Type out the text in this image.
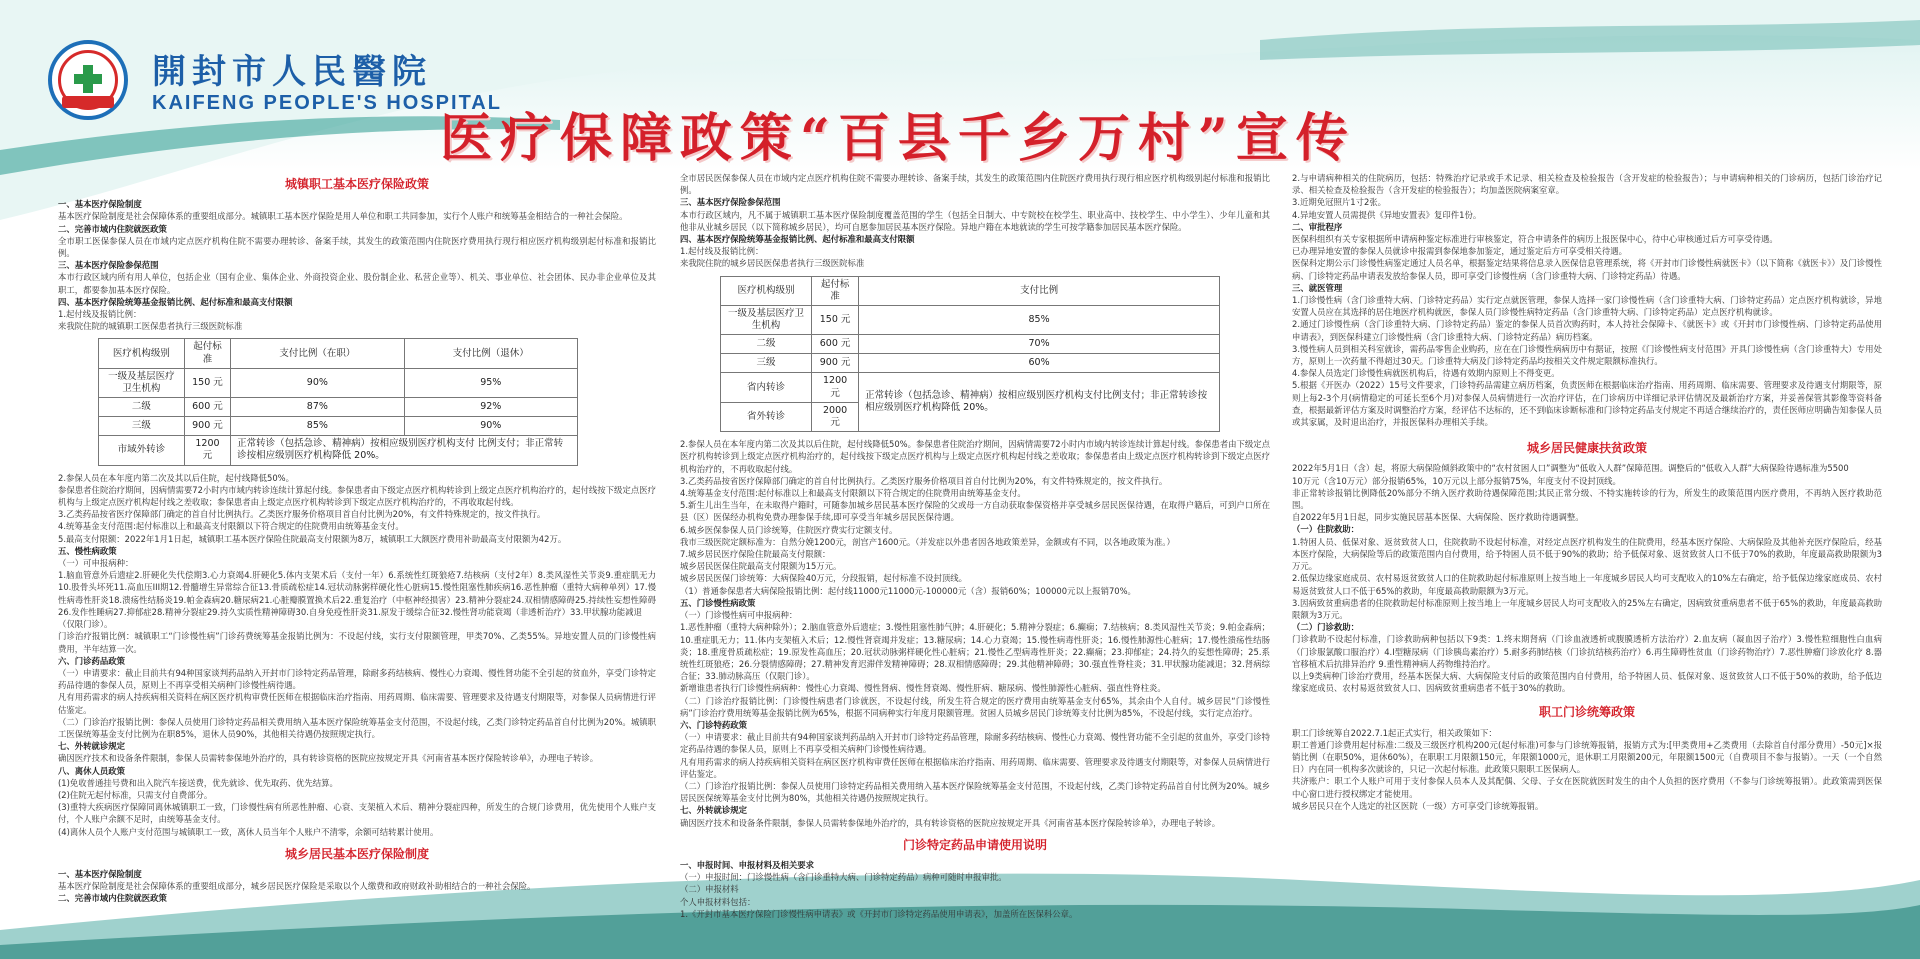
開封市人民醫院
KAIFENG PEOPLE'S HOSPITAL
医疗保障政策“百县千乡万村”宣传
城镇职工基本医疗保险政策

一、基本医疗保险制度

基本医疗保险制度是社会保障体系的重要组成部分。城镇职工基本医疗保险是用人单位和职工共同参加，实行个人账户和统筹基金相结合的一种社会保险。

二、完善市域内住院就医政策

全市职工医保参保人员在市域内定点医疗机构住院不需要办理转诊、备案手续，其发生的政策范围内住院医疗费用执行现行相应医疗机构级别起付标准和报销比例。

三、基本医疗保险参保范围

本市行政区域内所有用人单位，包括企业（国有企业、集体企业、外商投资企业、股份制企业、私营企业等）、机关、事业单位、社会团体、民办非企业单位及其职工，都要参加基本医疗保险。

四、基本医疗保险统筹基金报销比例、起付标准和最高支付限额

1.起付线及报销比例：

来我院住院的城镇职工医保患者执行三级医院标准

医疗机构级别	起付标准	支付比例（在职）	支付比例（退休）
一级及基层医疗卫生机构	150 元	90%	95%
二级	600 元	87%	92%
三级	900 元	85%	90%
市域外转诊	1200 元	正常转诊（包括急诊、精神病）按相应级别医疗机构支付 比例支付；非正常转诊按相应级别医疗机构降低 20%。	

2.参保人员在本年度内第二次及其以后住院，起付线降低50%。

参保患者住院治疗期间，因病情需要72小时内市域内转诊连续计算起付线。参保患者由下级定点医疗机构转诊到上级定点医疗机构治疗的，起付线按下级定点医疗机构与上级定点医疗机构起付线之差收取；参保患者由上级定点医疗机构转诊到下级定点医疗机构治疗的，不再收取起付线。

3.乙类药品按省医疗保障部门确定的首自付比例执行。乙类医疗服务价格项目首自付比例为20%，有文件特殊规定的，按文件执行。

4.统筹基金支付范围:起付标准以上和最高支付限额以下符合规定的住院费用由统筹基金支付。

5.最高支付限额：2022年1月1日起，城镇职工基本医疗保险住院最高支付限额为8万，城镇职工大额医疗费用补助最高支付限额为42万。

五、慢性病政策

（一）可申报病种：

1.脑血管意外后遗症2.肝硬化失代偿期3.心力衰竭4.肝硬化5.体内支架术后（支付一年）6.系统性红斑狼疮7.结核病（支付2年）8.类风湿性关节炎9.重症肌无力10.股骨头坏死11.高血压III期12.骨髓增生异常综合征13.骨质疏松症14.冠状动脉粥样硬化性心脏病15.慢性阻塞性肺疾病16.恶性肿瘤（重特大病种单列）17.慢性病毒性肝炎18.溃疡性结肠炎19.帕金森病20.糖尿病21.心脏瓣膜置换术后22.重复治疗（中枢神经损害）23.精神分裂症24.双相情感障碍25.持续性妄想性障碍26.发作性睡病27.抑郁症28.精神分裂症29.持久实质性精神障碍30.自身免疫性肝炎31.原发于缓综合征32.慢性肾功能衰竭（非透析治疗）33.甲状腺功能减退

（仅限门诊）。

门诊治疗报销比例：城镇职工“门诊慢性病”门诊药费统筹基金报销比例为：不设起付线，实行支付限额管理，甲类70%、乙类55%。异地安置人员的门诊慢性病费用，半年结算一次。

六、门诊药品政策

（一）申请要求：截止目前共有94种国家谈判药品纳入开封市门诊特定药品管理，除耐多药结核病、慢性心力衰竭、慢性肾功能不全引起的贫血外，享受门诊特定药品待遇的参保人员，原则上不再享受相关病种门诊慢性病待遇。

凡有用药需求的病人持疾病相关资料在病区医疗机构审费任医师在根据临床治疗指南、用药周期、临床需要、管理要求及待遇支付期限等，对参保人员病情进行评估鉴定。

（二）门诊治疗报销比例：参保人员使用门诊特定药品相关费用纳入基本医疗保险统筹基金支付范围，不设起付线，乙类门诊特定药品首自付比例为20%。城镇职工医保统筹基金支付比例为在职85%，退休人员90%，其他相关待遇仍按照规定执行。

七、外转就诊规定

确因医疗技术和设备条件限制，参保人员需转参保地外治疗的，具有转诊资格的医院应按规定开具《河南省基本医疗保险转诊单》，办理电子转诊。

八、离休人员政策

(1)免收普通挂号费和出入院汽车接送费，优先就诊、优先取药、优先结算。

(2)住院无起付标准，只需支付自费部分。

(3)重特大疾病医疗保障同离休城镇职工一致，门诊慢性病有所恶性肿瘤、心衰、支架植入术后、精神分裂症四种，所发生的合规门诊费用，优先使用个人账户支付，个人账户余额不足时，由统筹基金支付。

(4)离休人员个人账户支付范围与城镇职工一致，离休人员当年个人账户不清零，余额可结转累计使用。

城乡居民基本医疗保险制度

一、基本医疗保险制度

基本医疗保险制度是社会保障体系的重要组成部分，城乡居民医疗保险是采取以个人缴费和政府财政补助相结合的一种社会保险。

二、完善市域内住院就医政策

全市居民医保参保人员在市域内定点医疗机构住院不需要办理转诊、备案手续，其发生的政策范围内住院医疗费用执行现行相应医疗机构级别起付标准和报销比例。

三、基本医疗保险参保范围

本市行政区域内，凡不属于城镇职工基本医疗保险制度覆盖范围的学生（包括全日制大、中专院校在校学生、职业高中、技校学生、中小学生）、少年儿童和其他非从业城乡居民（以下简称城乡居民），均可自愿参加居民基本医疗保险。异地户籍在本地就读的学生可按学籍参加居民基本医疗保险。

四、基本医疗保险统筹基金报销比例、起付标准和最高支付限额

1.起付线及报销比例：

来我院住院的城乡居民医保患者执行三级医院标准

医疗机构级别	起付标准	支付比例
一级及基层医疗卫生机构	150 元	85%
二级	600 元	70%
三级	900 元	60%
省内转诊	1200 元	正常转诊（包括急诊、精神病）按相应级别医疗机构支付比例支付；非正常转诊按相应级别医疗机构降低 20%。
省外转诊	2000 元	

2.参保人员在本年度内第二次及其以后住院，起付线降低50%。参保患者住院治疗期间，因病情需要72小时内市域内转诊连续计算起付线。参保患者由下级定点医疗机构转诊到上级定点医疗机构治疗的，起付线按下级定点医疗机构与上级定点医疗机构起付线之差收取；参保患者由上级定点医疗机构转诊到下级定点医疗机构治疗的，不再收取起付线。

3.乙类药品按省医疗保障部门确定的首自付比例执行。乙类医疗服务价格项目首自付比例为20%，有文件特殊规定的，按文件执行。

4.统筹基金支付范围:起付标准以上和最高支付限额以下符合规定的住院费用由统筹基金支付。

5.新生儿出生当年，在未取得户籍时，可随参加城乡居民基本医疗保险的父或母一方自动获取参保资格并享受城乡居民医保待遇，在取得户籍后，可到户口所在县（区）医保经办机构免费办理参保手续,即可享受当年城乡居民医保待遇。

6.城乡医保参保人员门诊统筹，住院医疗费实行定额支付。

我市三级医院定额标准为：自然分娩1200元，剖宫产1600元。（并发症以外患者因各地政策差异，金额或有不同，以各地政策为准。）

7.城乡居民医疗保险住院最高支付限额：

城乡居民医保住院最高支付限额为15万元。

城乡居民医保门诊统筹：大病保险40万元，分段报销，起付标准不设封顶线。

（1）普通参保患者大病保险报销比例：起付线11000元11000元-100000元（含）报销60%；100000元以上报销70%。

五、门诊慢性病政策

（一）门诊慢性病可申报病种：

1.恶性肿瘤（重特大病种除外）；2.脑血管意外后遗症；3.慢性阻塞性肺气肿；4.肝硬化；5.精神分裂症；6.癫痫；7.结核病；8.类风湿性关节炎；9.帕金森病；10.重症肌无力；11.体内支架植入术后；12.慢性肾衰竭并发症；13.糖尿病；14.心力衰竭；15.慢性病毒性肝炎；16.慢性肺源性心脏病；17.慢性溃疡性结肠炎；18.重度骨质疏松症；19.原发性高血压；20.冠状动脉粥样硬化性心脏病；21.慢性乙型病毒性肝炎；22.癫痫；23.抑郁症；24.持久的妄想性障碍；25.系统性红斑狼疮；26.分裂情感障碍；27.精神发育迟滞伴发精神障碍；28.双相情感障碍；29.其他精神障碍；30.强直性脊柱炎；31.甲状腺功能减退；32.肾病综合征；33.肺动脉高压（仅限门诊）。

新增谁患者执行门诊慢性病病种：慢性心力衰竭、慢性肾病、慢性肾衰竭、慢性肝病、糖尿病、慢性肺源性心脏病、强直性脊柱炎。

（二）门诊治疗报销比例：门诊慢性病患者门诊就医，不设起付线，所发生符合规定的医疗费用由统筹基金支付65%，其余由个人自付。城乡居民“门诊慢性病”门诊治疗费用统筹基金报销比例为65%，根据不同病种实行年度月限额管理。贫困人员城乡居民门诊统筹支付比例为85%，不设起付线，实行定点治疗。

六、门诊特药政策

（一）申请要求：截止目前共有94种国家谈判药品纳入开封市门诊特定药品管理，除耐多药结核病、慢性心力衰竭、慢性肾功能不全引起的贫血外，享受门诊特定药品待遇的参保人员，原则上不再享受相关病种门诊慢性病待遇。

凡有用药需求的病人持疾病相关资料在病区医疗机构审费任医师在根据临床治疗指南、用药周期、临床需要、管理要求及待遇支付期限等，对参保人员病情进行评估鉴定。

（二）门诊治疗报销比例：参保人员使用门诊特定药品相关费用纳入基本医疗保险统筹基金支付范围，不设起付线，乙类门诊特定药品首自付比例为20%。城乡居民医保统筹基金支付比例为80%，其他相关待遇仍按照规定执行。

七、外转就诊规定

确因医疗技术和设备条件限制，参保人员需转参保地外治疗的，具有转诊资格的医院应按规定开具《河南省基本医疗保险转诊单》，办理电子转诊。

门诊特定药品申请使用说明

一、申报时间、申报材料及相关要求

（一）申报时间：门诊慢性病（含门诊重特大病、门诊特定药品）病种可随时申报审批。

（二）申报材料

个人申报材料包括：

1.《开封市基本医疗保险门诊慢性病申请表》或《开封市门诊特定药品使用申请表》，加盖所在医保科公章。

2.与申请病种相关的住院病历，包括：特殊治疗记录或手术记录、相关检查及检验报告（含开发症的检验报告）；与申请病种相关的门诊病历，包括门诊治疗记录、相关检查及检验报告（含开发症的检验报告）；均加盖医院病案室章。

3.近期免冠照片1寸2张。

4.异地安置人员需提供《异地安置表》复印件1份。

二、审批程序

医保科组织有关专家根据所申请病种鉴定标准进行审核鉴定，符合申请条件的病历上报医保中心，待中心审核通过后方可享受待遇。

已办理异地安置的参保人员就诊申报需到参保地参加鉴定，通过鉴定后方可享受相关待遇。

医保科定期公示门诊慢性病鉴定通过人员名单，根据鉴定结果将信息录入医保信息管理系统，将《开封市门诊慢性病就医卡》（以下简称《就医卡》）及门诊慢性病、门诊特定药品申请表发放给参保人员，即可享受门诊慢性病（含门诊重特大病、门诊特定药品）待遇。

三、就医管理

1.门诊慢性病（含门诊重特大病、门诊特定药品）实行定点就医管理，参保人选择一家门诊慢性病（含门诊重特大病、门诊特定药品）定点医疗机构就诊，异地安置人员应在其选择的居住地医疗机构就医，参保人员门诊慢性病特定药品（含门诊重特大病、门诊特定药品）定点医疗机构就诊。

2.通过门诊慢性病（含门诊重特大病、门诊特定药品）鉴定的参保人员首次购药时，本人持社会保障卡、《就医卡》或《开封市门诊慢性病、门诊特定药品使用申请表》，到医保科建立门诊慢性病（含门诊重特大病、门诊特定药品）病历档案。

3.慢性病人员到相关科室就诊，需药品零售企业购药，应在在门诊慢性病病历中有据证，按照《门诊慢性病支付范围》开具门诊慢性病（含门诊重特大）专用处方，原则上一次药量不得超过30天。门诊重特大病及门诊特定药品均按相关文件规定限额标准执行。

4.参保人员选定门诊慢性病就医机构后，待遇有效期内原则上不得变更。

5.根据《开医办（2022）15号文件要求，门诊特药品需建立病历档案，负责医师在根据临床治疗指南、用药周期、临床需要、管理要求及待遇支付期限等，原则上每2-3个月(病情稳定的可延长至6个月)对参保人员病情进行一次治疗评估，在门诊病历中详细记录评估情况及最新治疗方案，并妥善保管其影像等资料备查，根据最新评估方案及时调整治疗方案，经评估不达标的，还不到临床诊断标准和门诊特定药品支付规定不再适合继续治疗的，责任医师应明确告知参保人员或其家属，及时退出治疗，并报医保科办理相关手续。

城乡居民健康扶贫政策

2022年5月1日（含）起，将原大病保险倾斜政策中的“农村贫困人口”调整为“低收入人群”保障范围。调整后的“低收入人群”大病保险待遇标准为5500

10万元（含10万元）部分报销65%，10万元以上部分报销75%，年度支付不设封顶线。

非正常转诊报销比例降低20%部分不纳入医疗救助待遇保障范围;其民正常分级、不特实施转诊的行为，所发生的政策范围内医疗费用，不再纳入医疗救助范围。

自2022年5月1日起，同步实施民居基本医保、大病保险、医疗救助待遇调整。

（一）住院救助：

1.特困人员、低保对象、返贫致贫人口，住院救助不设起付标准，对经定点医疗机构发生的住院费用，经基本医疗保险、大病保险及其他补充医疗保险后，经基本医疗保险，大病保险等后的政策范围内自付费用，给予特困人员不低于90%的救助；给予低保对象、返贫致贫人口不低于70%的救助，年度最高救助限额为3万元。

2.低保边缘家庭成员、农村易返贫致贫人口的住院救助起付标准原则上按当地上一年度城乡居民人均可支配收入的10%左右确定，给予低保边缘家庭成员、农村易返贫致贫人口不低于65%的救助，年度最高救助限额为3万元。

3.因病致贫重病患者的住院救助起付标准原则上按当地上一年度城乡居民人均可支配收入的25%左右确定，因病致贫重病患者不低于65%的救助，年度最高救助限额为3万元。

（二）门诊救助：

门诊救助不设起付标准，门诊救助病种包括以下9类：1.终末期肾病（门诊血液透析或腹膜透析方法治疗）2.血友病（凝血因子治疗）3.慢性粒细胞性白血病（门诊服氯酸口服治疗）4.I型糖尿病（门诊胰岛素治疗）5.耐多药肺结核（门诊抗结核药治疗）6.再生障碍性贫血（门诊药物治疗）7.恶性肿瘤门诊放化疗 8.器官移植术后抗排异治疗 9.重性精神病人药物维持治疗。

以上9类病种门诊治疗费用，经基本医保大病、大病保险支付后的政策范围内自付费用，给予特困人员、低保对象、返贫致贫人口不低于50%的救助，给予低边缘家庭成员、农村易返贫致贫人口、因病致贫重病患者不低于30%的救助。

职工门诊统筹政策

职工门诊统筹自2022.7.1起正式实行，相关政策如下：

职工普通门诊费用起付标准:二级及三级医疗机构200元(起付标准)可参与门诊统筹报销，报销方式为:[甲类费用+乙类费用（去除首自付部分费用）-50元]×报销比例（在职50%，退休60%），在职职工月限额150元，年限额1000元，退休职工月限额200元，年限额1500元（自费项目不参与报销）。一天（一个自然日）内在同一机构多次就诊的，只记一次起付标准。此政策只限职工医保病人。

共济账户：职工个人账户可用于支付参保人员本人及其配偶、父母、子女在医院就医时发生的由个人负担的医疗费用（不参与门诊统筹报销）。此政策需到医保中心窗口进行授权绑定才能使用。

城乡居民只在个人选定的社区医院（一级）方可享受门诊统筹报销。
